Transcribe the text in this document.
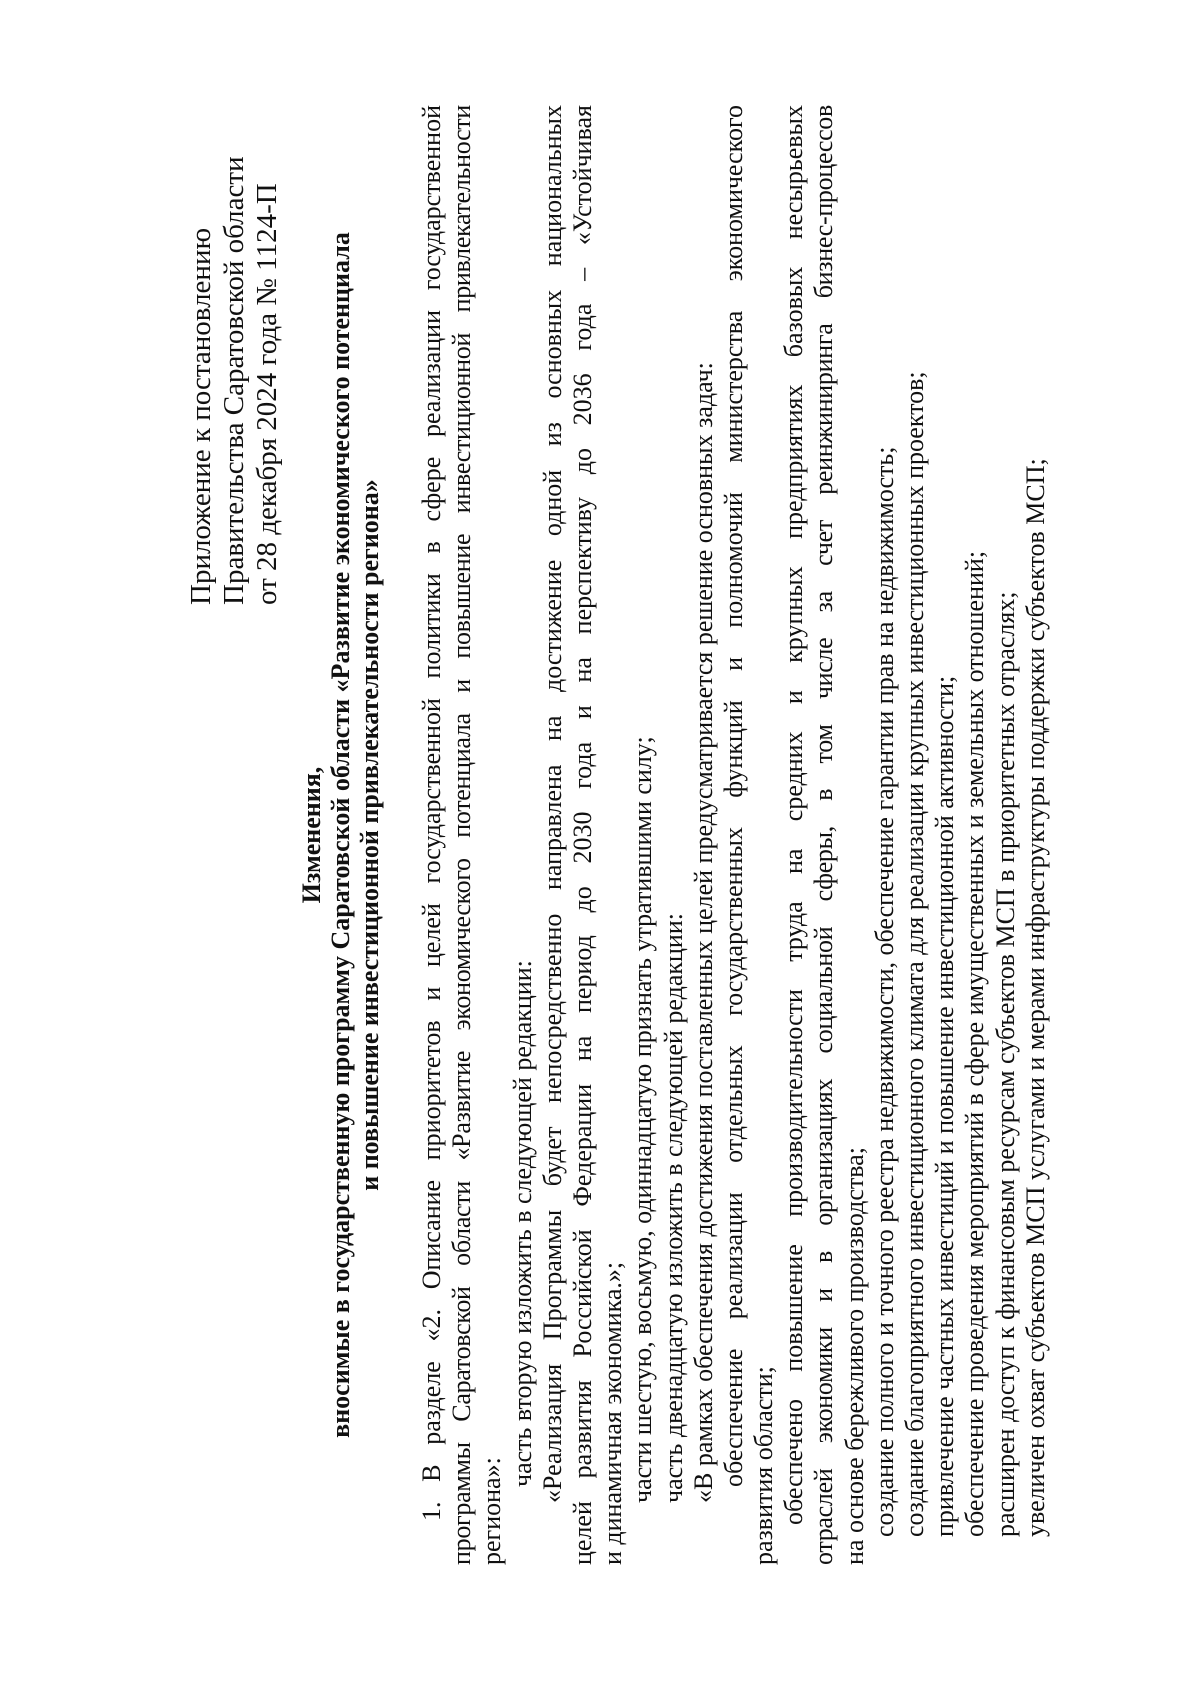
Приложение к постановлению Правительства Саратовской области от 28 декабря 2024 года № 1124-П
Изменения, вносимые в государственную программу Саратовской области «Развитие экономического потенциала и повышение инвестиционной привлекательности региона» 1. В разделе «2. Описание приоритетов и целей государственной политики в сфере реализации государственной программы Саратовской области «Развитие экономического потенциала и повышение инвестиционной привлекательности региона»:
часть вторую изложить в следующей редакции: «Реализация Программы будет непосредственно направлена на достижение одной из основных национальных целей развития Российской Федерации на период до 2030 года и на перспективу до 2036 года – «Устойчивая и динамичная экономика.»; части шестую, восьмую, одиннадцатую признать утратившими силу; часть двенадцатую изложить в следующей редакции: «В рамках обеспечения достижения поставленных целей предусматривается решение основных задач: обеспечение реализации отдельных государственных функций и полномочий министерства экономического развития области; обеспечено повышение производительности труда на средних и крупных предприятиях базовых несырьевых отраслей экономики и в организациях социальной сферы, в том числе за счет реинжиниринга бизнес-процессов на основе бережливого производства; создание полного и точного реестра недвижимости, обеспечение гарантии прав на недвижимость; создание благоприятного инвестиционного климата для реализации крупных инвестиционных проектов; привлечение частных инвестиций и повышение инвестиционной активности; обеспечение проведения мероприятий в сфере имущественных и земельных отношений; расширен доступ к финансовым ресурсам субъектов МСП в приоритетных отраслях; увеличен охват субъектов МСП услугами и мерами инфраструктуры поддержки субъектов МСП;
